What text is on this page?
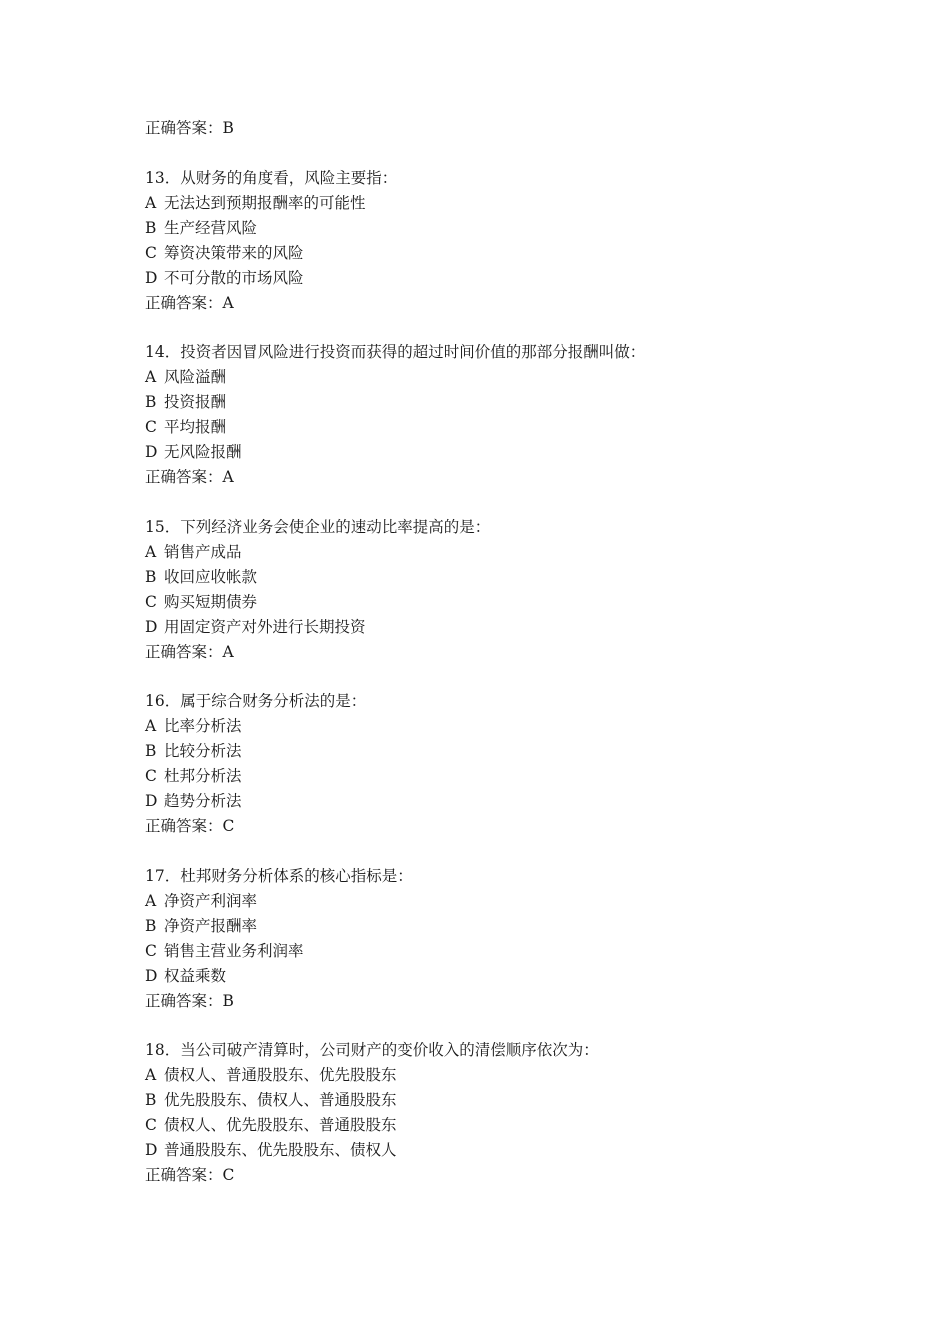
正确答案：B
13．从财务的角度看，风险主要指：
A 无法达到预期报酬率的可能性
B 生产经营风险
C 筹资决策带来的风险
D 不可分散的市场风险
正确答案：A
14．投资者因冒风险进行投资而获得的超过时间价值的那部分报酬叫做：
A 风险溢酬
B 投资报酬
C 平均报酬
D 无风险报酬
正确答案：A
15．下列经济业务会使企业的速动比率提高的是：
A 销售产成品
B 收回应收帐款
C 购买短期债券
D 用固定资产对外进行长期投资
正确答案：A
16．属于综合财务分析法的是：
A 比率分析法
B 比较分析法
C 杜邦分析法
D 趋势分析法
正确答案：C
17．杜邦财务分析体系的核心指标是：
A 净资产利润率
B 净资产报酬率
C 销售主营业务利润率
D 权益乘数
正确答案：B
18．当公司破产清算时，公司财产的变价收入的清偿顺序依次为：
A 债权人、普通股股东、优先股股东
B 优先股股东、债权人、普通股股东
C 债权人、优先股股东、普通股股东
D 普通股股东、优先股股东、债权人
正确答案：C
